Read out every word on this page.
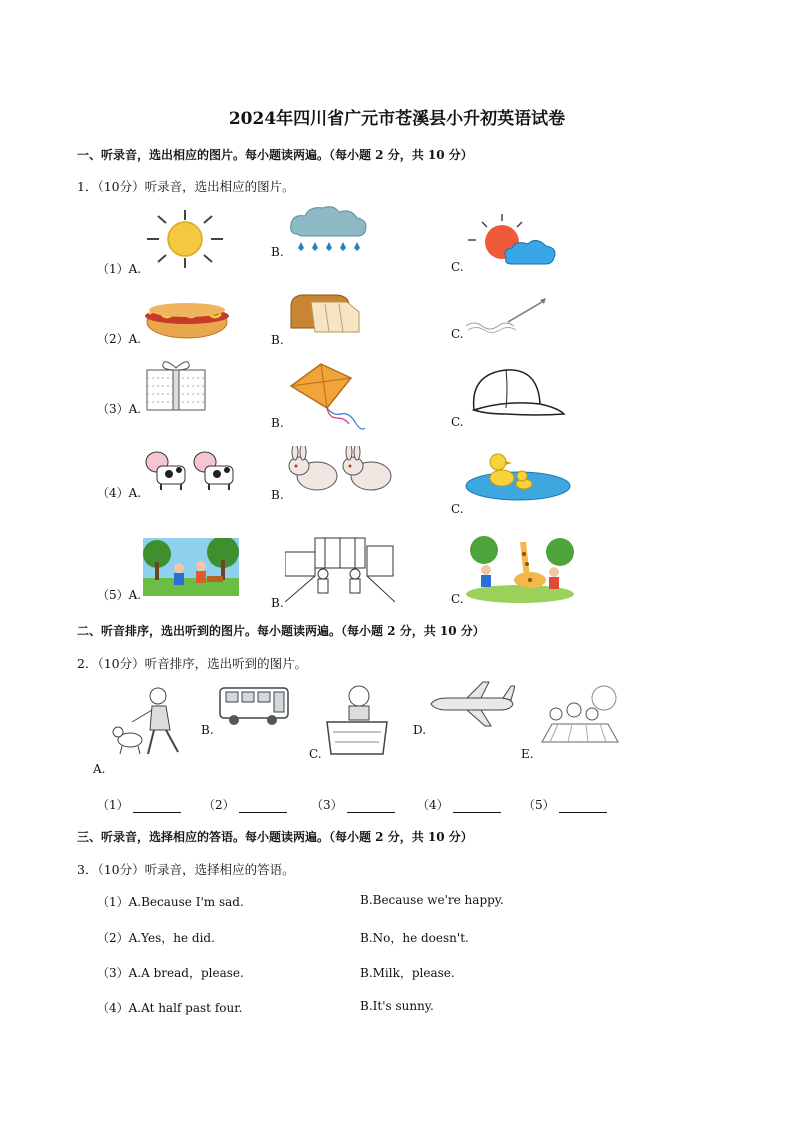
2024年四川省广元市苍溪县小升初英语试卷
一、听录音，选出相应的图片。每小题读两遍。（每小题 2 分，共 10 分）
1．（10分）听录音，选出相应的图片。
（1）A.
B.
C.
（2）A.	B.	C.
（3）A.
B.	C.
（4）A.	B.
C.
（5）A.
B.	C.
二、听音排序，选出听到的图片。每小题读两遍。（每小题 2 分，共 10 分）
2．（10分）听音排序，选出听到的图片。
A.
B.
C.
D.
E.
（1）	（2）	（3）	（4）	（5）
三、听录音，选择相应的答语。每小题读两遍。（每小题 2 分，共 10 分）
3．（10分）听录音，选择相应的答语。
（1）A.Because I'm sad.	B.Because we're happy.
（2）A.Yes，he did.	B.No，he doesn't.
（3）A.A bread，please.	B.Milk，please.
（4）A.At half past four.	B.It's sunny.
